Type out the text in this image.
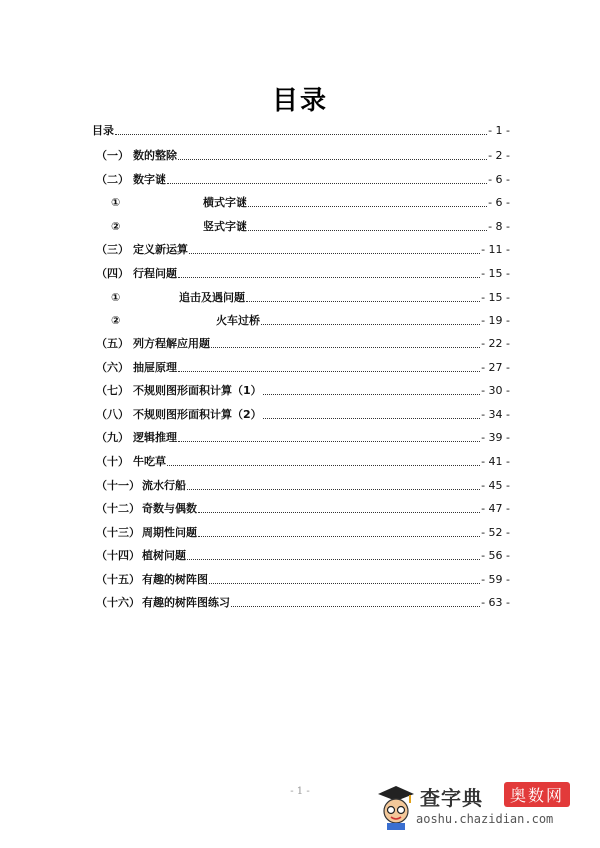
目录
目录	- 1 -
（一） 数的整除	- 2 -
（二） 数字谜	- 6 -
①	横式字谜	- 6 -
②	竖式字谜	- 8 -
（三） 定义新运算	- 11 -
（四） 行程问题	- 15 -
①	追击及遇问题	- 15 -
②	火车过桥	- 19 -
（五） 列方程解应用题	- 22 -
（六） 抽屉原理	- 27 -
（七） 不规则图形面积计算（1）	- 30 -
（八） 不规则图形面积计算（2）	- 34 -
（九） 逻辑推理	- 39 -
（十） 牛吃草	- 41 -
（十一） 流水行船	- 45 -
（十二） 奇数与偶数	- 47 -
（十三） 周期性问题	- 52 -
（十四） 植树问题	- 56 -
（十五） 有趣的树阵图	- 59 -
（十六） 有趣的树阵图练习	- 63 -
- 1 -	查字典	奥数网
aoshu.chazidian.com
